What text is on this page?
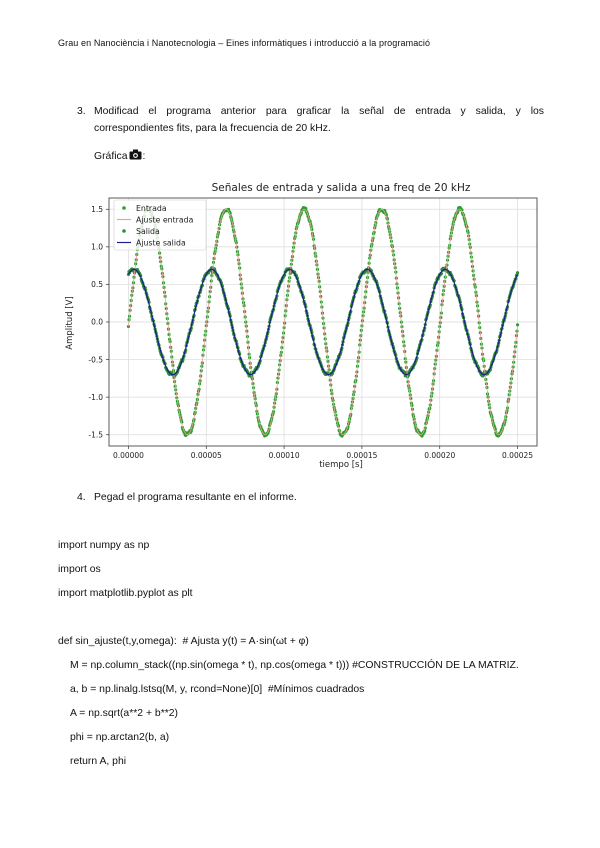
Grau en Nanociència i Nanotecnologia – Eines informàtiques i introducció a la programació
3. Modificad el programa anterior para graficar la señal de entrada y salida, y los
correspondientes fits, para la frecuencia de 20 kHz.
Gráfica :
Señales de entrada y salida a una freq de 20 kHz
0.00000	0.00005	0.00010	0.00015	0.00020	0.00025
-1.5
-1.0
-0.5
0.0
0.5
1.0
1.5	Entrada
Ajuste entrada
Salida
Ajuste salida
tiempo [s]
Amplitud [V]
4. Pegad el programa resultante en el informe.
import numpy as np
import os
import matplotlib.pyplot as plt
def sin_ajuste(t,y,omega):  # Ajusta y(t) = A·sin(ωt + φ)
M = np.column_stack((np.sin(omega * t), np.cos(omega * t))) #CONSTRUCCIÓN DE LA MATRIZ.
a, b = np.linalg.lstsq(M, y, rcond=None)[0]  #Mínimos cuadrados
A = np.sqrt(a**2 + b**2)
phi = np.arctan2(b, a)
return A, phi
